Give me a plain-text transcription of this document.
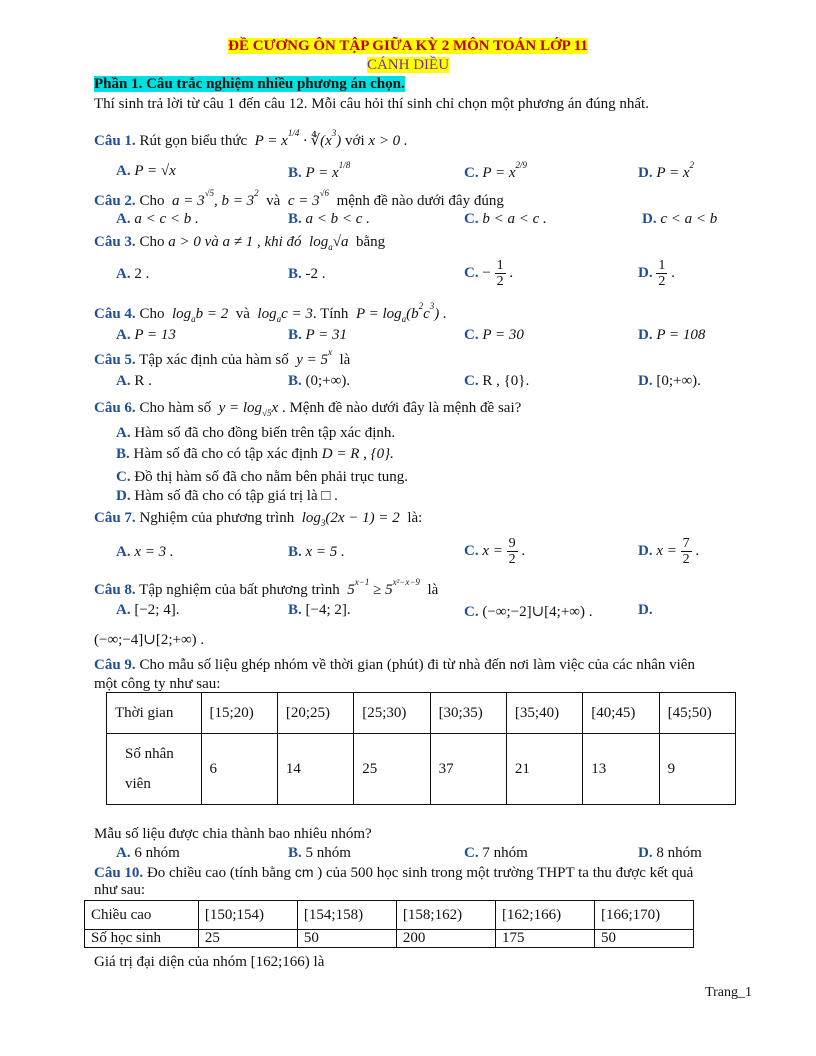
ĐỀ CƯƠNG ÔN TẬP GIỮA KỲ 2 MÔN TOÁN LỚP 11
CÁNH DIỀU
Phần 1. Câu trắc nghiệm nhiều phương án chọn.
Thí sinh trả lời từ câu 1 đến câu 12. Mỗi câu hỏi thí sinh chỉ chọn một phương án đúng nhất.
Câu 1. Rút gọn biểu thức  $P = x^{1/4}$ · $∜(x^3)$ với x > 0 .
A. P = √x	B. $P = x^{1/8}$	C. $P = x^{2/9}$	D. $P = x^2$
Câu 2. Cho  $a = 3^{√5}$, $b = 3^2$  và  $c = 3^{√6}$ mệnh đề nào dưới đây đúng
A. a < c < b .	B. a < b < c .	C. b < a < c .	D. c < a < b
Câu 3. Cho a > 0 và a ≠ 1 , khi đó  $\log_a√a$  bằng
A. 2 .	B. -2 .	C. − $\frac{1}{2}$ .	D. $\frac{1}{2}$ .
Câu 4. Cho  $\log_ab = 2$  và  $\log_ac = 3$. Tính  $P = \log_a(b^2c^3)$ .
A. P = 13	B. P = 31	C. P = 30	D. P = 108
Câu 5. Tập xác định của hàm số  $y = 5^x$ là
A. R .	B. (0;+∞).	C. R , {0}.	D. [0;+∞).
Câu 6. Cho hàm số  $y = \log_{√5}x$ . Mệnh đề nào dưới đây là mệnh đề sai?
A. Hàm số đã cho đồng biến trên tập xác định.
B. Hàm số đã cho có tập xác định D = R , {0}.
C. Đồ thị hàm số đã cho nằm bên phải trục tung.
D. Hàm số đã cho có tập giá trị là □ .
Câu 7. Nghiệm của phương trình  $\log_3(2x - 1) = 2$  là:
A. x = 3 .	B. x = 5 .	C. $x = \frac{9}{2}$ .	D. $x = \frac{7}{2}$ .
Câu 8. Tập nghiệm của bất phương trình  $5^{x-1} \ge 5^{x^2-x-9}$ là
A. [−2; 4].	B. [−4; 2].	C. (−∞;−2]∪[4;+∞) .	D.
(−∞;−4]∪[2;+∞) .
Câu 9. Cho mẫu số liệu ghép nhóm về thời gian (phút) đi từ nhà đến nơi làm việc của các nhân viên
một công ty như sau:
Thời gian	[15;20)	[20;25)	[25;30)	[30;35)	[35;40)	[40;45)	[45;50)
Số nhân
viên	6	14	25	37	21	13	9
Mẫu số liệu được chia thành bao nhiêu nhóm?
A. 6 nhóm	B. 5 nhóm	C. 7 nhóm	D. 8 nhóm
Câu 10. Đo chiều cao (tính bằng cm ) của 500 học sinh trong một trường THPT ta thu được kết quả
như sau:
Chiều cao	[150;154)	[154;158)	[158;162)	[162;166)	[166;170)
Số học sinh	25	50	200	175	50
Giá trị đại diện của nhóm [162;166) là
Trang_1
